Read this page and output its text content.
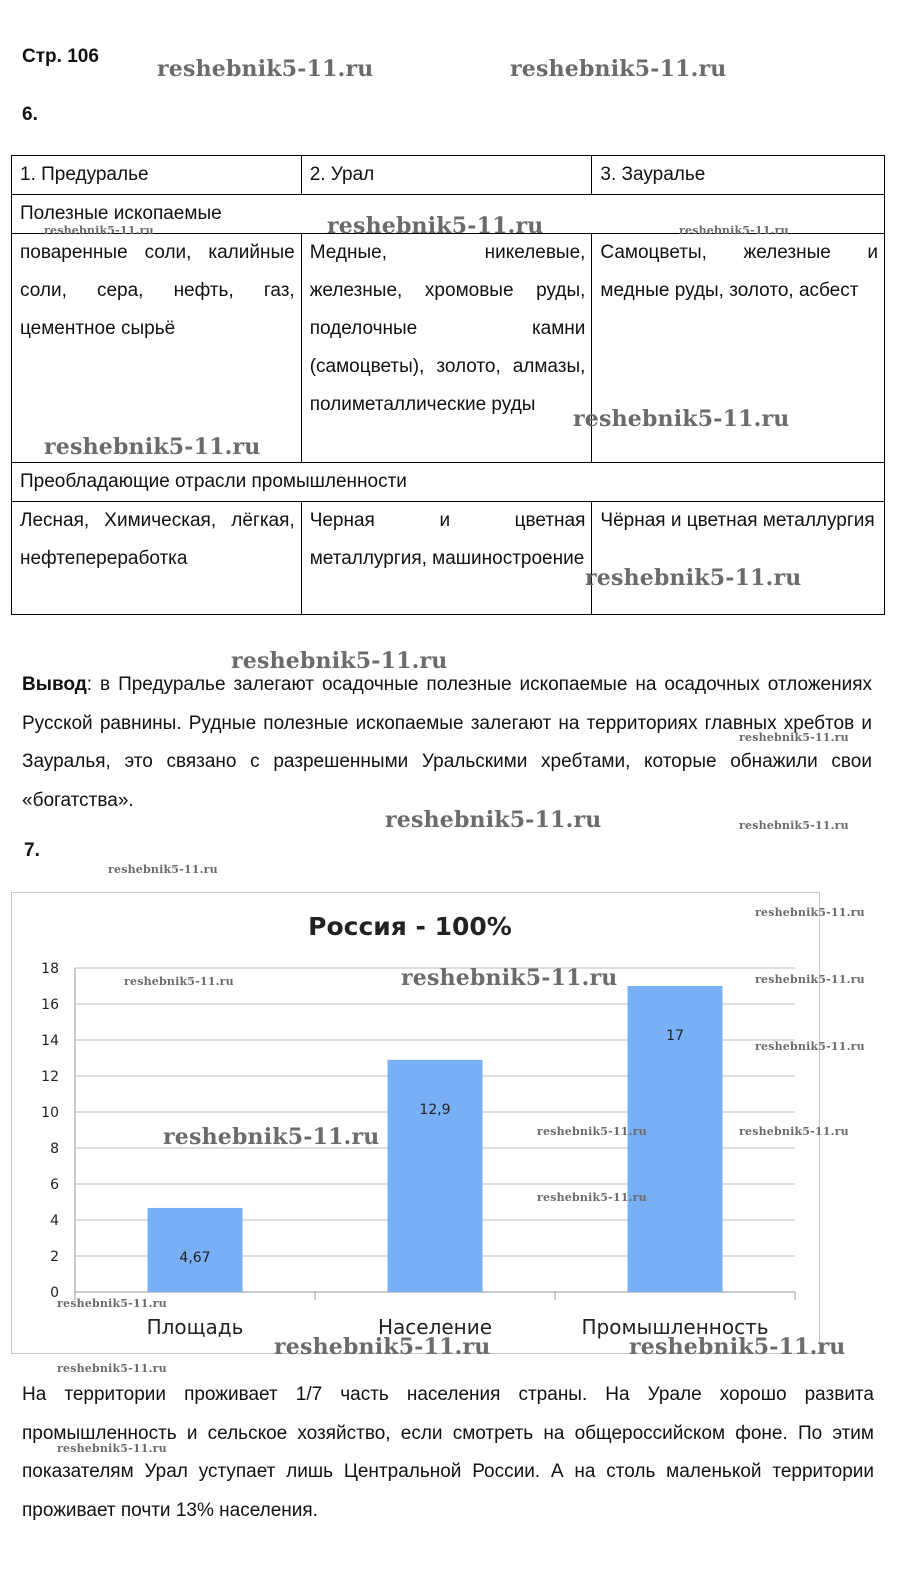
Стр. 106
6.
1. Предуралье	2. Урал	3. Зауралье
Полезные ископаемые		
поваренные соли, калийные соли, сера, нефть, газ, цементное сырьё	Медные, никелевые, железные, хромовые руды, поделочные камни (самоцветы), золото, алмазы, полиметаллические руды	Самоцветы, железные и медные руды, золото, асбест
Преобладающие отрасли промышленности		
Лесная, Химическая, лёгкая, нефтепереработка	Черная и цветная металлургия, машиностроение	Чёрная и цветная металлургия
Вывод: в Предуралье залегают осадочные полезные ископаемые на осадочных отложениях Русской равнины. Рудные полезные ископаемые залегают на территориях главных хребтов и Зауралья, это связано с разрешенными Уральскими хребтами, которые обнажили свои «богатства».
7.
Россия - 100%
0
2
4
6
8
10
12
14
16
18
4,67
Площадь
12,9
Население
17
Промышленность
На территории проживает 1/7 часть населения страны. На Урале хорошо развита промышленность и сельское хозяйство, если смотреть на общероссийском фоне. По этим показателям Урал уступает лишь Центральной России. А на столь маленькой территории проживает почти 13% населения.
reshebnik5-11.ru	reshebnik5-11.ru
reshebnik5-11.ru
reshebnik5-11.ru	reshebnik5-11.ru
reshebnik5-11.ru
reshebnik5-11.ru
reshebnik5-11.ru
reshebnik5-11.ru
reshebnik5-11.ru
reshebnik5-11.ru	reshebnik5-11.ru
reshebnik5-11.ru
reshebnik5-11.ru
reshebnik5-11.ru
reshebnik5-11.ru	reshebnik5-11.ru
reshebnik5-11.ru
reshebnik5-11.ru	reshebnik5-11.ru	reshebnik5-11.ru
reshebnik5-11.ru
reshebnik5-11.ru
reshebnik5-11.ru	reshebnik5-11.ru
reshebnik5-11.ru
reshebnik5-11.ru
